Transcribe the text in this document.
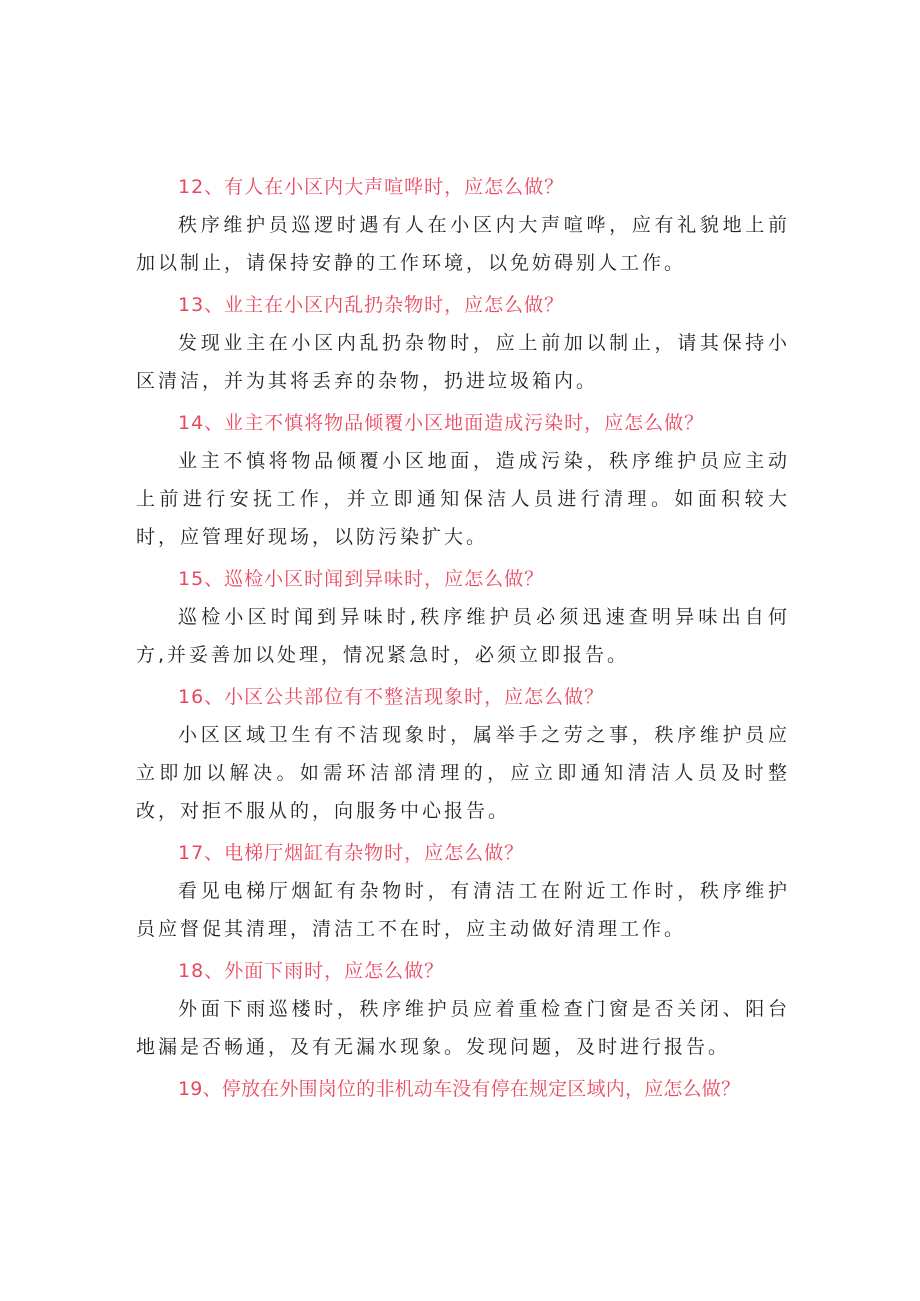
12、有人在小区内大声喧哗时，应怎么做？
秩序维护员巡逻时遇有人在小区内大声喧哗，应有礼貌地上前加以制止，请保持安静的工作环境，以免妨碍别人工作。
13、业主在小区内乱扔杂物时，应怎么做？
发现业主在小区内乱扔杂物时，应上前加以制止，请其保持小区清洁，并为其将丢弃的杂物，扔进垃圾箱内。
14、业主不慎将物品倾覆小区地面造成污染时，应怎么做？
业主不慎将物品倾覆小区地面，造成污染，秩序维护员应主动上前进行安抚工作，并立即通知保洁人员进行清理。如面积较大时，应管理好现场，以防污染扩大。
15、巡检小区时闻到异味时，应怎么做？
巡检小区时闻到异味时,秩序维护员必须迅速查明异味出自何方,并妥善加以处理，情况紧急时，必须立即报告。
16、小区公共部位有不整洁现象时，应怎么做？
小区区域卫生有不洁现象时，属举手之劳之事，秩序维护员应立即加以解决。如需环洁部清理的，应立即通知清洁人员及时整改，对拒不服从的，向服务中心报告。
17、电梯厅烟缸有杂物时，应怎么做？
看见电梯厅烟缸有杂物时，有清洁工在附近工作时，秩序维护员应督促其清理，清洁工不在时，应主动做好清理工作。
18、外面下雨时，应怎么做？
外面下雨巡楼时，秩序维护员应着重检查门窗是否关闭、阳台地漏是否畅通，及有无漏水现象。发现问题，及时进行报告。
19、停放在外围岗位的非机动车没有停在规定区域内，应怎么做？
